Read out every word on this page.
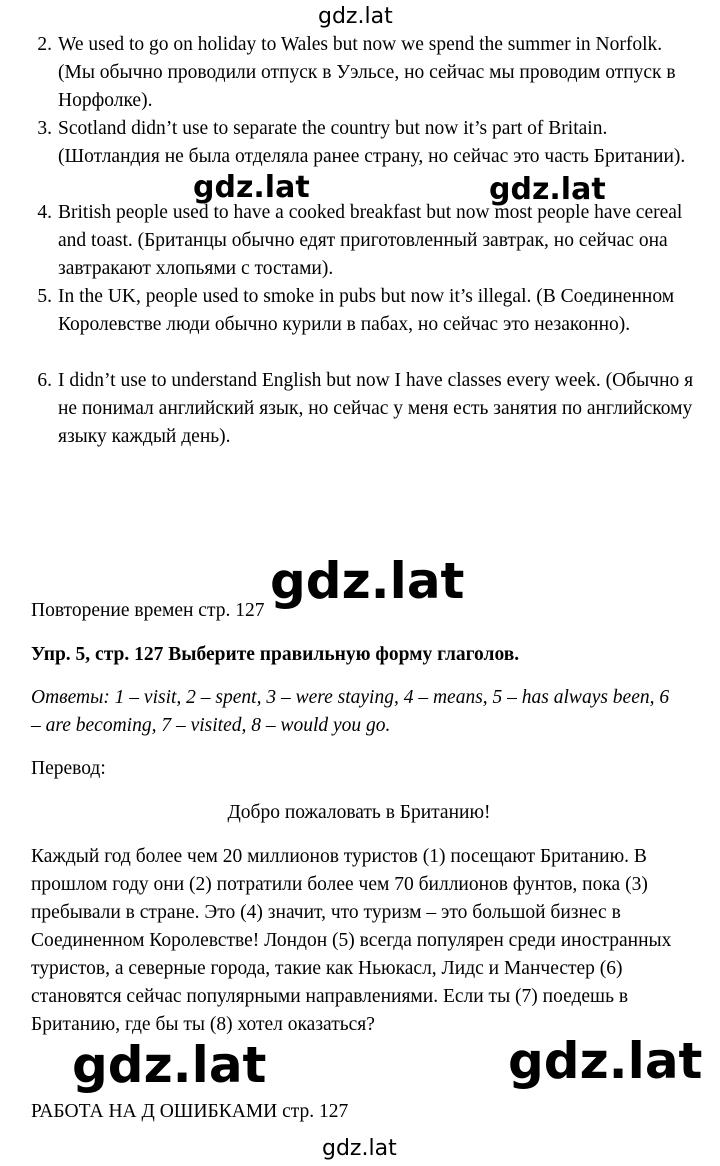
gdz.lat
2. We used to go on holiday to Wales but now we spend the summer in Norfolk. (Мы обычно проводили отпуск в Уэльсе, но сейчас мы проводим отпуск в Норфолке).
3. Scotland didn’t use to separate the country but now it’s part of Britain. (Шотландия не была отделяла ранее страну, но сейчас это часть Британии).
gdz.lat	gdz.lat
4. British people used to have a cooked breakfast but now most people have cereal and toast. (Британцы обычно едят приготовленный завтрак, но сейчас она завтракают хлопьями с тостами).
5. In the UK, people used to smoke in pubs but now it’s illegal. (В Соединенном Королевстве люди обычно курили в пабах, но сейчас это незаконно).
6. I didn’t use to understand English but now I have classes every week. (Обычно я не понимал английский язык, но сейчас у меня есть занятия по английскому языку каждый день).
gdz.lat
Повторение времен стр. 127
Упр. 5, стр. 127 Выберите правильную форму глаголов.
Ответы: 1 – visit, 2 – spent, 3 – were staying, 4 – means, 5 – has always been, 6 – are becoming, 7 – visited, 8 – would you go.
Перевод:
Добро пожаловать в Британию!
Каждый год более чем 20 миллионов туристов (1) посещают Британию. В прошлом году они (2) потратили более чем 70 биллионов фунтов, пока (3) пребывали в стране. Это (4) значит, что туризм – это большой бизнес в Соединенном Королевстве! Лондон (5) всегда популярен среди иностранных туристов, а северные города, такие как Ньюкасл, Лидс и Манчестер (6) становятся сейчас популярными направлениями. Если ты (7) поедешь в Британию, где бы ты (8) хотел оказаться?
gdz.lat	gdz.lat
РАБОТА НА Д ОШИБКАМИ стр. 127
gdz.lat
